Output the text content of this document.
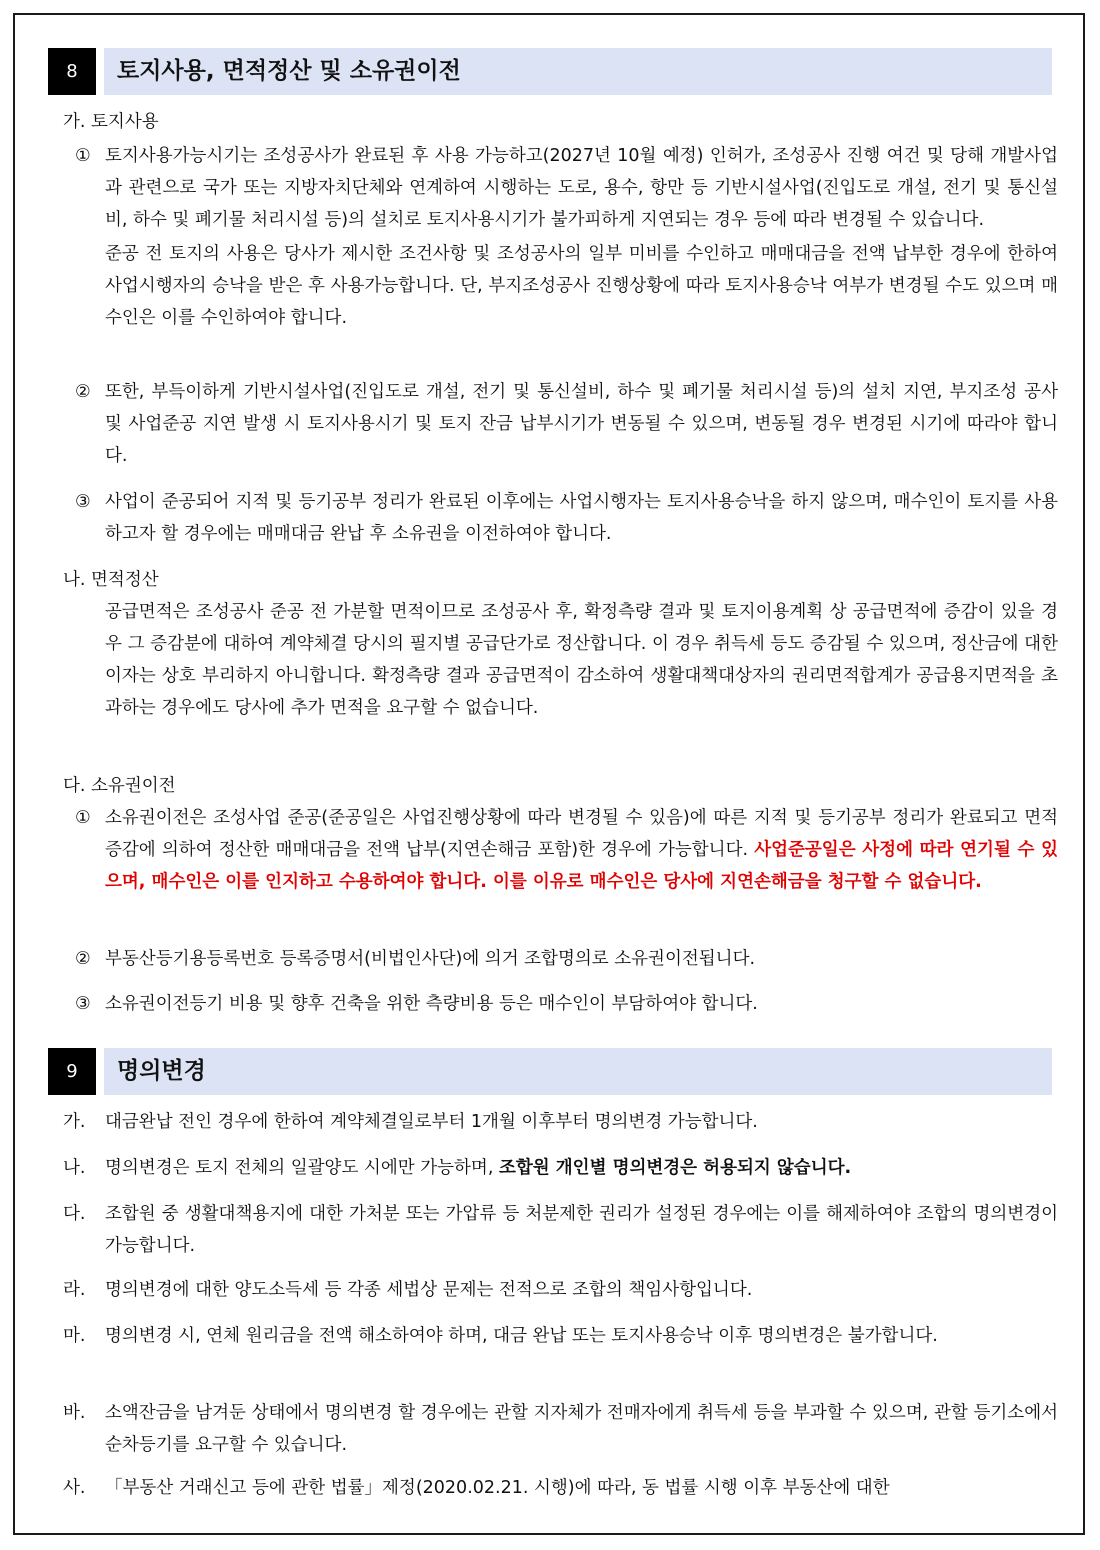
8	토지사용, 면적정산 및 소유권이전
가. 토지사용
① 토지사용가능시기는 조성공사가 완료된 후 사용 가능하고(2027년 10월 예정) 인허가, 조성공사 진행 여건 및 당해 개발사업과 관련으로 국가 또는 지방자치단체와 연계하여 시행하는 도로, 용수, 항만 등 기반시설사업(진입도로 개설, 전기 및 통신설비, 하수 및 폐기물 처리시설 등)의 설치로 토지사용시기가 불가피하게 지연되는 경우 등에 따라 변경될 수 있습니다.
준공 전 토지의 사용은 당사가 제시한 조건사항 및 조성공사의 일부 미비를 수인하고 매매대금을 전액 납부한 경우에 한하여 사업시행자의 승낙을 받은 후 사용가능합니다. 단, 부지조성공사 진행상황에 따라 토지사용승낙 여부가 변경될 수도 있으며 매수인은 이를 수인하여야 합니다.
② 또한, 부득이하게 기반시설사업(진입도로 개설, 전기 및 통신설비, 하수 및 폐기물 처리시설 등)의 설치 지연, 부지조성 공사 및 사업준공 지연 발생 시 토지사용시기 및 토지 잔금 납부시기가 변동될 수 있으며, 변동될 경우 변경된 시기에 따라야 합니다.
③ 사업이 준공되어 지적 및 등기공부 정리가 완료된 이후에는 사업시행자는 토지사용승낙을 하지 않으며, 매수인이 토지를 사용하고자 할 경우에는 매매대금 완납 후 소유권을 이전하여야 합니다.
나. 면적정산
공급면적은 조성공사 준공 전 가분할 면적이므로 조성공사 후, 확정측량 결과 및 토지이용계획 상 공급면적에 증감이 있을 경우 그 증감분에 대하여 계약체결 당시의 필지별 공급단가로 정산합니다. 이 경우 취득세 등도 증감될 수 있으며, 정산금에 대한 이자는 상호 부리하지 아니합니다. 확정측량 결과 공급면적이 감소하여 생활대책대상자의 권리면적합계가 공급용지면적을 초과하는 경우에도 당사에 추가 면적을 요구할 수 없습니다.
다. 소유권이전
① 소유권이전은 조성사업 준공(준공일은 사업진행상황에 따라 변경될 수 있음)에 따른 지적 및 등기공부 정리가 완료되고 면적 증감에 의하여 정산한 매매대금을 전액 납부(지연손해금 포함)한 경우에 가능합니다. 사업준공일은 사정에 따라 연기될 수 있으며, 매수인은 이를 인지하고 수용하여야 합니다. 이를 이유로 매수인은 당사에 지연손해금을 청구할 수 없습니다.
② 부동산등기용등록번호 등록증명서(비법인사단)에 의거 조합명의로 소유권이전됩니다.
③ 소유권이전등기 비용 및 향후 건축을 위한 측량비용 등은 매수인이 부담하여야 합니다.
9	명의변경
가. 대금완납 전인 경우에 한하여 계약체결일로부터 1개월 이후부터 명의변경 가능합니다.
나. 명의변경은 토지 전체의 일괄양도 시에만 가능하며, 조합원 개인별 명의변경은 허용되지 않습니다.
다. 조합원 중 생활대책용지에 대한 가처분 또는 가압류 등 처분제한 권리가 설정된 경우에는 이를 해제하여야 조합의 명의변경이 가능합니다.
라. 명의변경에 대한 양도소득세 등 각종 세법상 문제는 전적으로 조합의 책임사항입니다.
마. 명의변경 시, 연체 원리금을 전액 해소하여야 하며, 대금 완납 또는 토지사용승낙 이후 명의변경은 불가합니다.
바. 소액잔금을 남겨둔 상태에서 명의변경 할 경우에는 관할 지자체가 전매자에게 취득세 등을 부과할 수 있으며, 관할 등기소에서 순차등기를 요구할 수 있습니다.
사. 「부동산 거래신고 등에 관한 법률」제정(2020.02.21. 시행)에 따라, 동 법률 시행 이후 부동산에 대한
